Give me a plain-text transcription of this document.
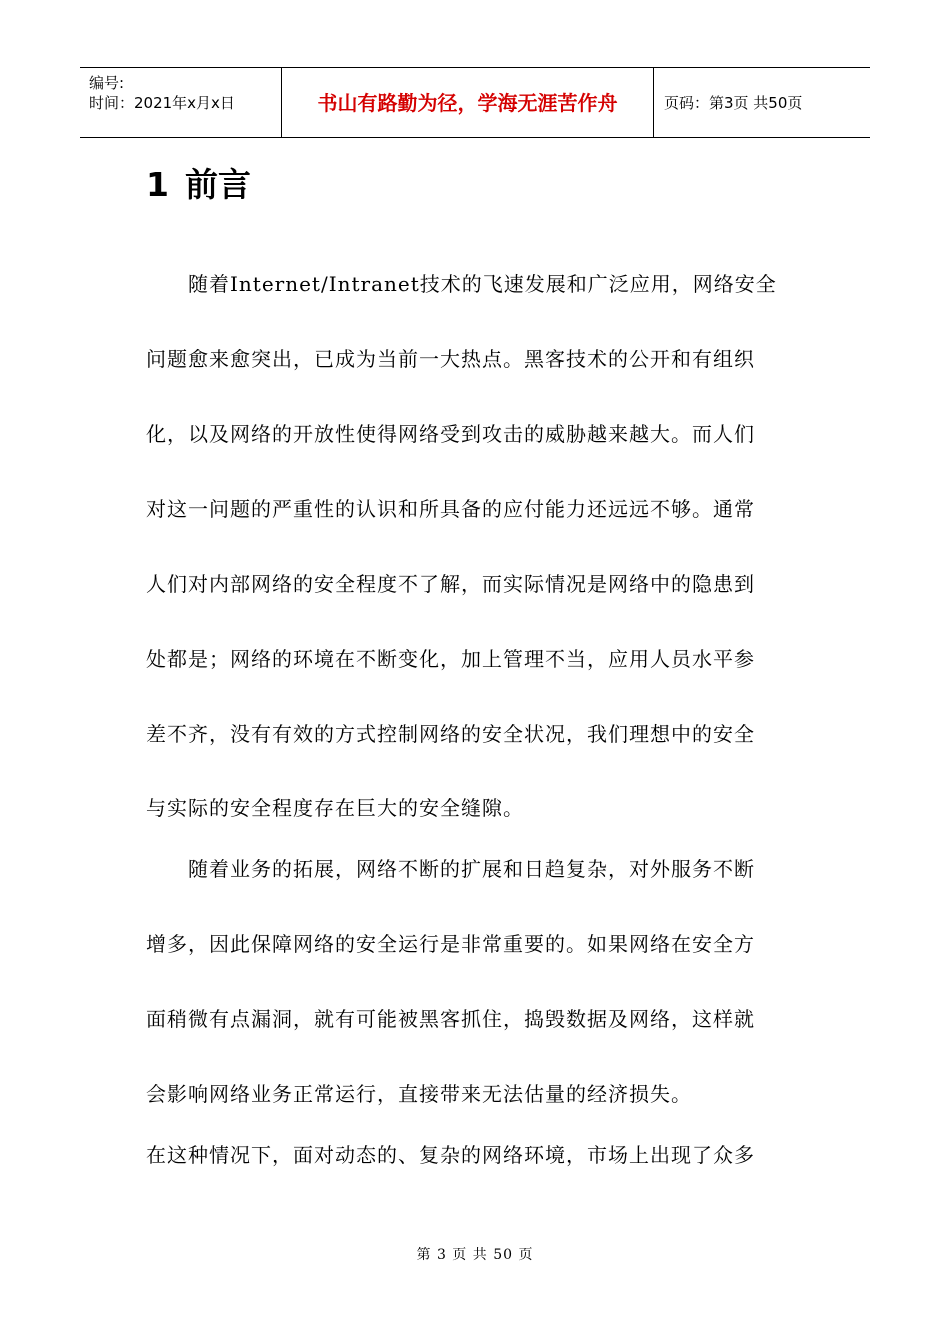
编号:
时间：2021年x月x日	书山有路勤为径，学海无涯苦作舟	页码：第3页 共50页
1 前言
　　随着Internet/Intranet技术的飞速发展和广泛应用，网络安全
问题愈来愈突出，已成为当前一大热点。黑客技术的公开和有组织
化，以及网络的开放性使得网络受到攻击的威胁越来越大。而人们
对这一问题的严重性的认识和所具备的应付能力还远远不够。通常
人们对内部网络的安全程度不了解，而实际情况是网络中的隐患到
处都是；网络的环境在不断变化，加上管理不当，应用人员水平参
差不齐，没有有效的方式控制网络的安全状况，我们理想中的安全
与实际的安全程度存在巨大的安全缝隙。
　　随着业务的拓展，网络不断的扩展和日趋复杂，对外服务不断
增多，因此保障网络的安全运行是非常重要的。如果网络在安全方
面稍微有点漏洞，就有可能被黑客抓住，捣毁数据及网络，这样就
会影响网络业务正常运行，直接带来无法估量的经济损失。
在这种情况下，面对动态的、复杂的网络环境，市场上出现了众多
第 3 页 共 50 页
